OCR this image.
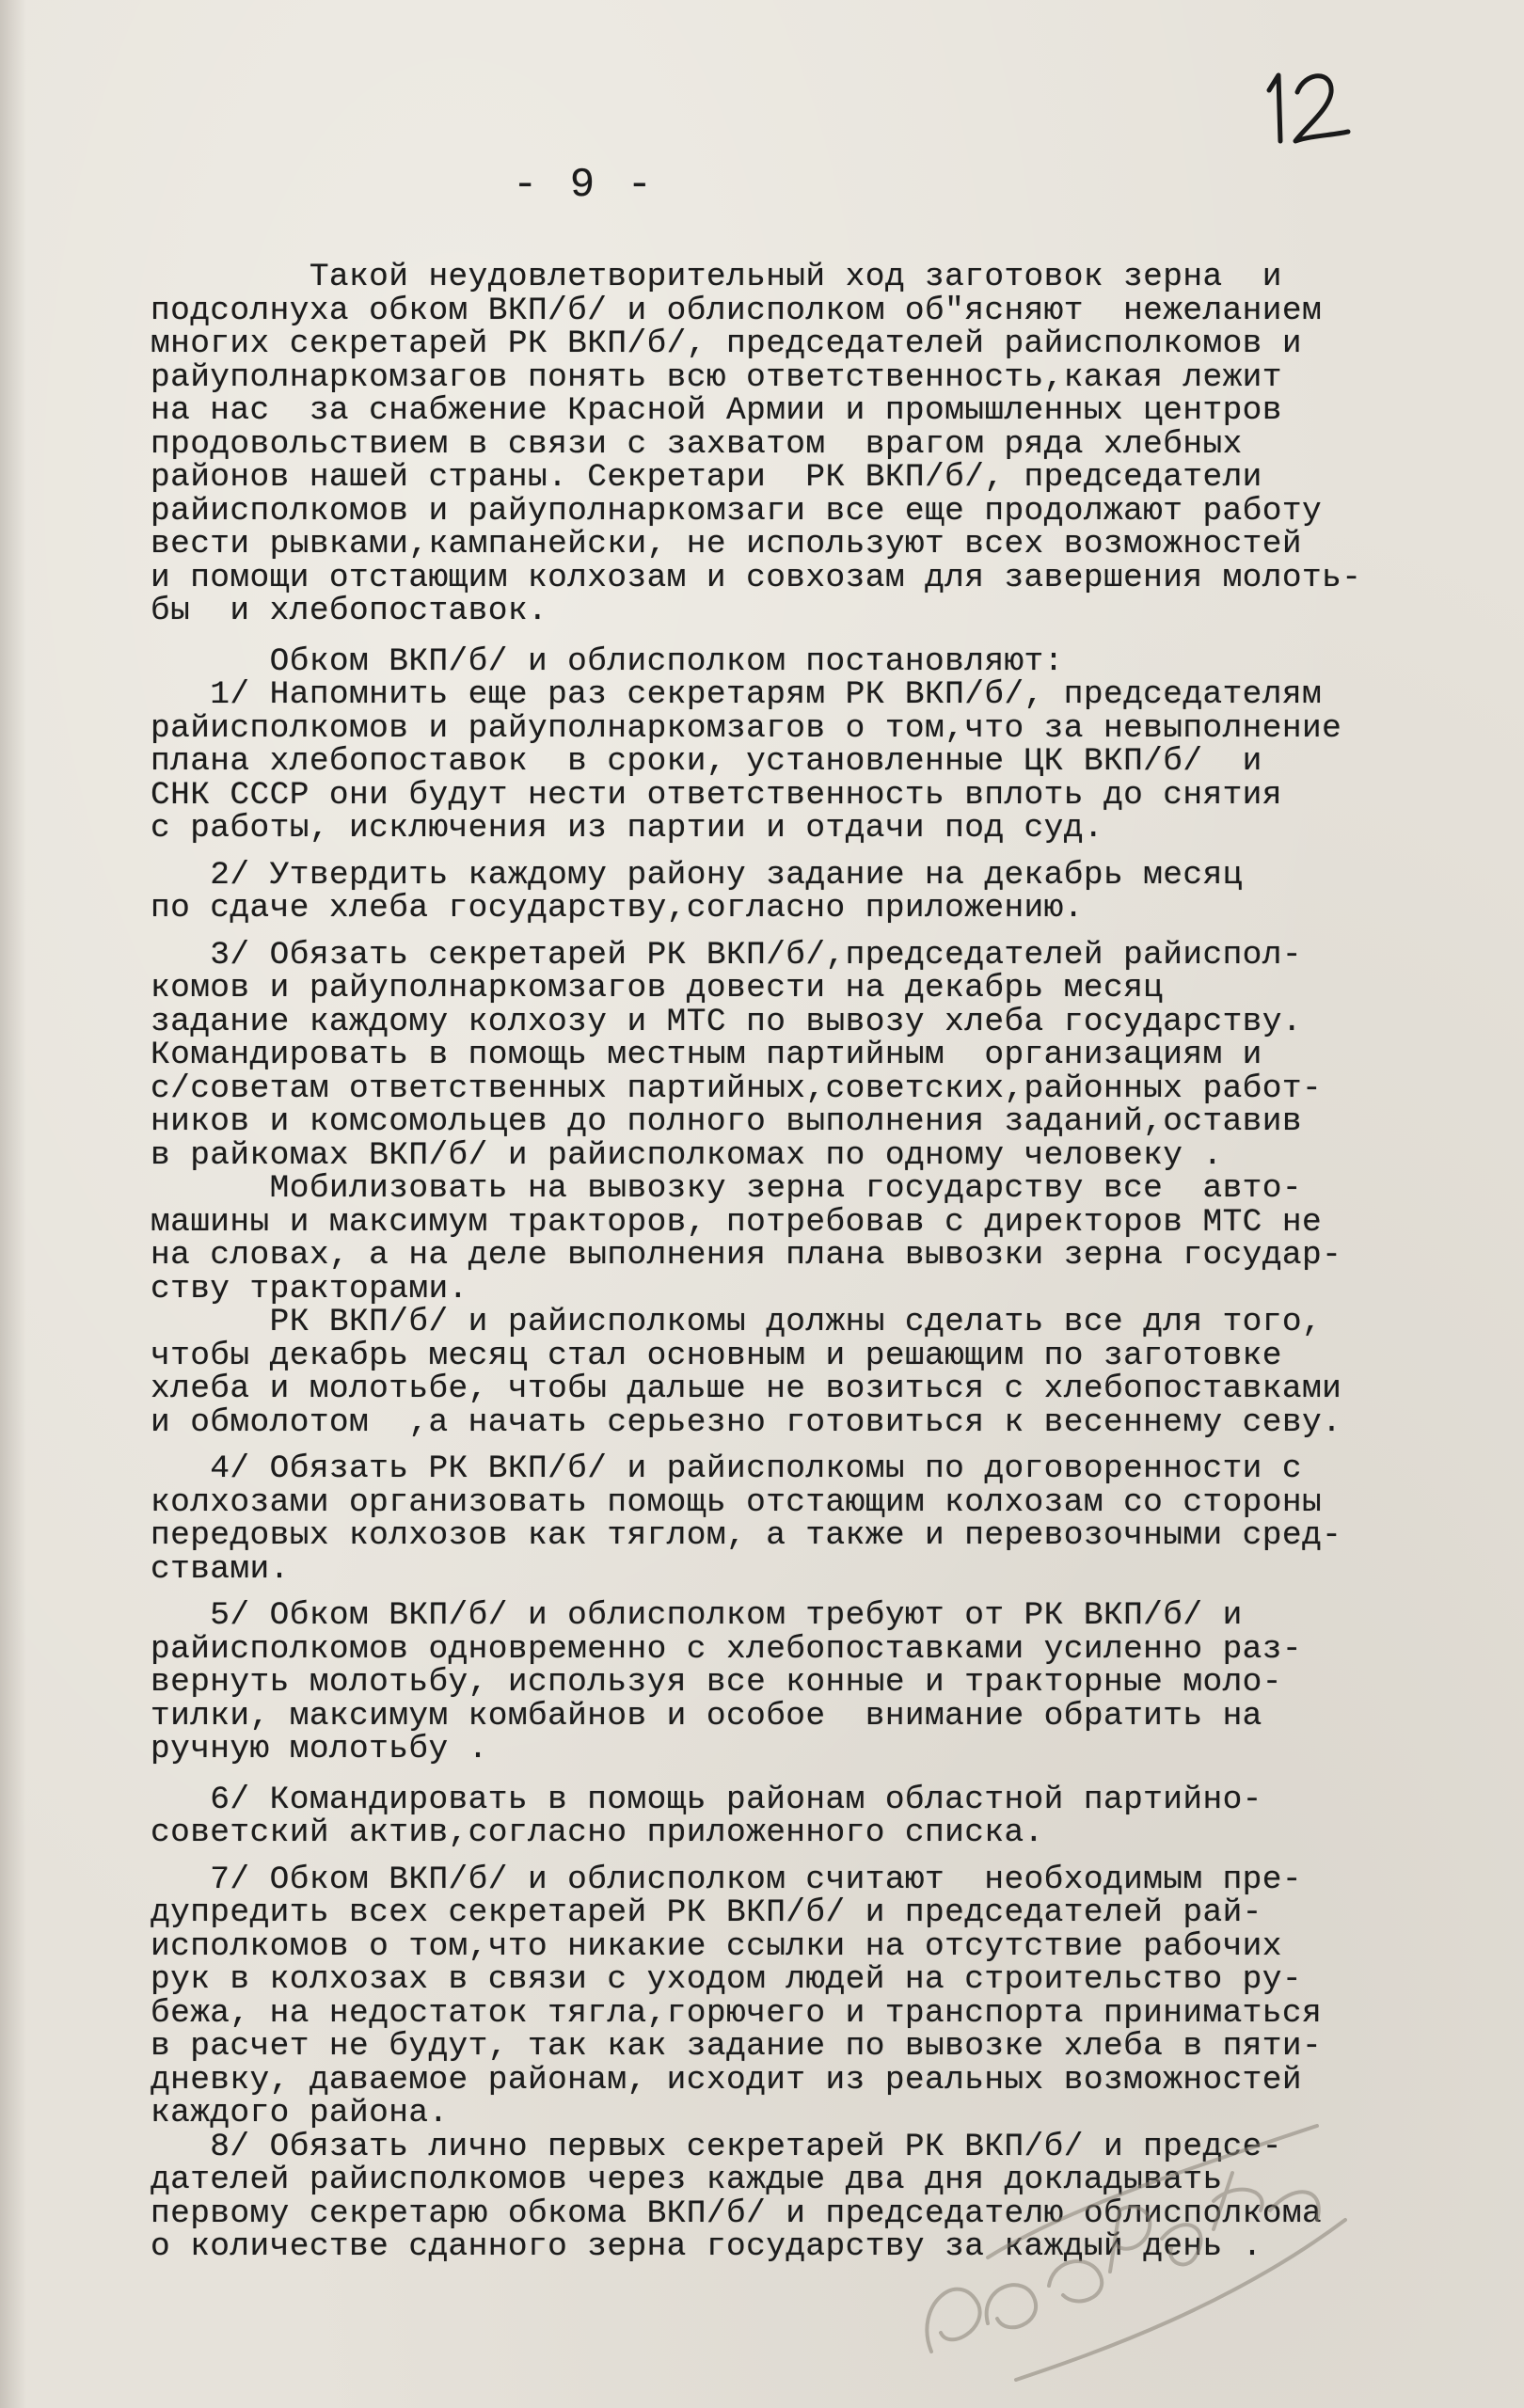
- 9 -
Такой неудовлетворительный ход заготовок зерна  и
подсолнуха обком ВКП/б/ и облисполком об"ясняют  нежеланием
многих секретарей РК ВКП/б/, председателей райисполкомов и
райуполнаркомзагов понять всю ответственность,какая лежит
на нас  за снабжение Красной Армии и промышленных центров
продовольствием в связи с захватом  врагом ряда хлебных
районов нашей страны. Секретари  РК ВКП/б/, председатели
райисполкомов и райуполнаркомзаги все еще продолжают работу
вести рывками,кампанейски, не используют всех возможностей
и помощи отстающим колхозам и совхозам для завершения молоть-
бы  и хлебопоставок.
Обком ВКП/б/ и облисполком постановляют:
1/ Напомнить еще раз секретарям РК ВКП/б/, председателям
райисполкомов и райуполнаркомзагов о том,что за невыполнение
плана хлебопоставок  в сроки, установленные ЦК ВКП/б/  и
СНК СССР они будут нести ответственность вплоть до снятия
с работы, исключения из партии и отдачи под суд.
2/ Утвердить каждому району задание на декабрь месяц
по сдаче хлеба государству,согласно приложению.
3/ Обязать секретарей РК ВКП/б/,председателей райиспол-
комов и райуполнаркомзагов довести на декабрь месяц
задание каждому колхозу и МТС по вывозу хлеба государству.
Командировать в помощь местным партийным  организациям и
с/советам ответственных партийных,советских,районных работ-
ников и комсомольцев до полного выполнения заданий,оставив
в райкомах ВКП/б/ и райисполкомах по одному человеку .
Мобилизовать на вывозку зерна государству все  авто-
машины и максимум тракторов, потребовав с директоров МТС не
на словах, а на деле выполнения плана вывозки зерна государ-
ству тракторами.
РК ВКП/б/ и райисполкомы должны сделать все для того,
чтобы декабрь месяц стал основным и решающим по заготовке
хлеба и молотьбе, чтобы дальше не возиться с хлебопоставками
и обмолотом  ,а начать серьезно готовиться к весеннему севу.
4/ Обязать РК ВКП/б/ и райисполкомы по договоренности с
колхозами организовать помощь отстающим колхозам со стороны
передовых колхозов как тяглом, а также и перевозочными сред-
ствами.
5/ Обком ВКП/б/ и облисполком требуют от РК ВКП/б/ и
райисполкомов одновременно с хлебопоставками усиленно раз-
вернуть молотьбу, используя все конные и тракторные моло-
тилки, максимум комбайнов и особое  внимание обратить на
ручную молотьбу .
6/ Командировать в помощь районам областной партийно-
советский актив,согласно приложенного списка.
7/ Обком ВКП/б/ и облисполком считают  необходимым пре-
дупредить всех секретарей РК ВКП/б/ и председателей рай-
исполкомов о том,что никакие ссылки на отсутствие рабочих
рук в колхозах в связи с уходом людей на строительство ру-
бежа, на недостаток тягла,горючего и транспорта приниматься
в расчет не будут, так как задание по вывозке хлеба в пяти-
дневку, даваемое районам, исходит из реальных возможностей
каждого района.
8/ Обязать лично первых секретарей РК ВКП/б/ и предсе-
дателей райисполкомов через каждые два дня докладывать
первому секретарю обкома ВКП/б/ и председателю облисполкома
о количестве сданного зерна государству за каждый день .
